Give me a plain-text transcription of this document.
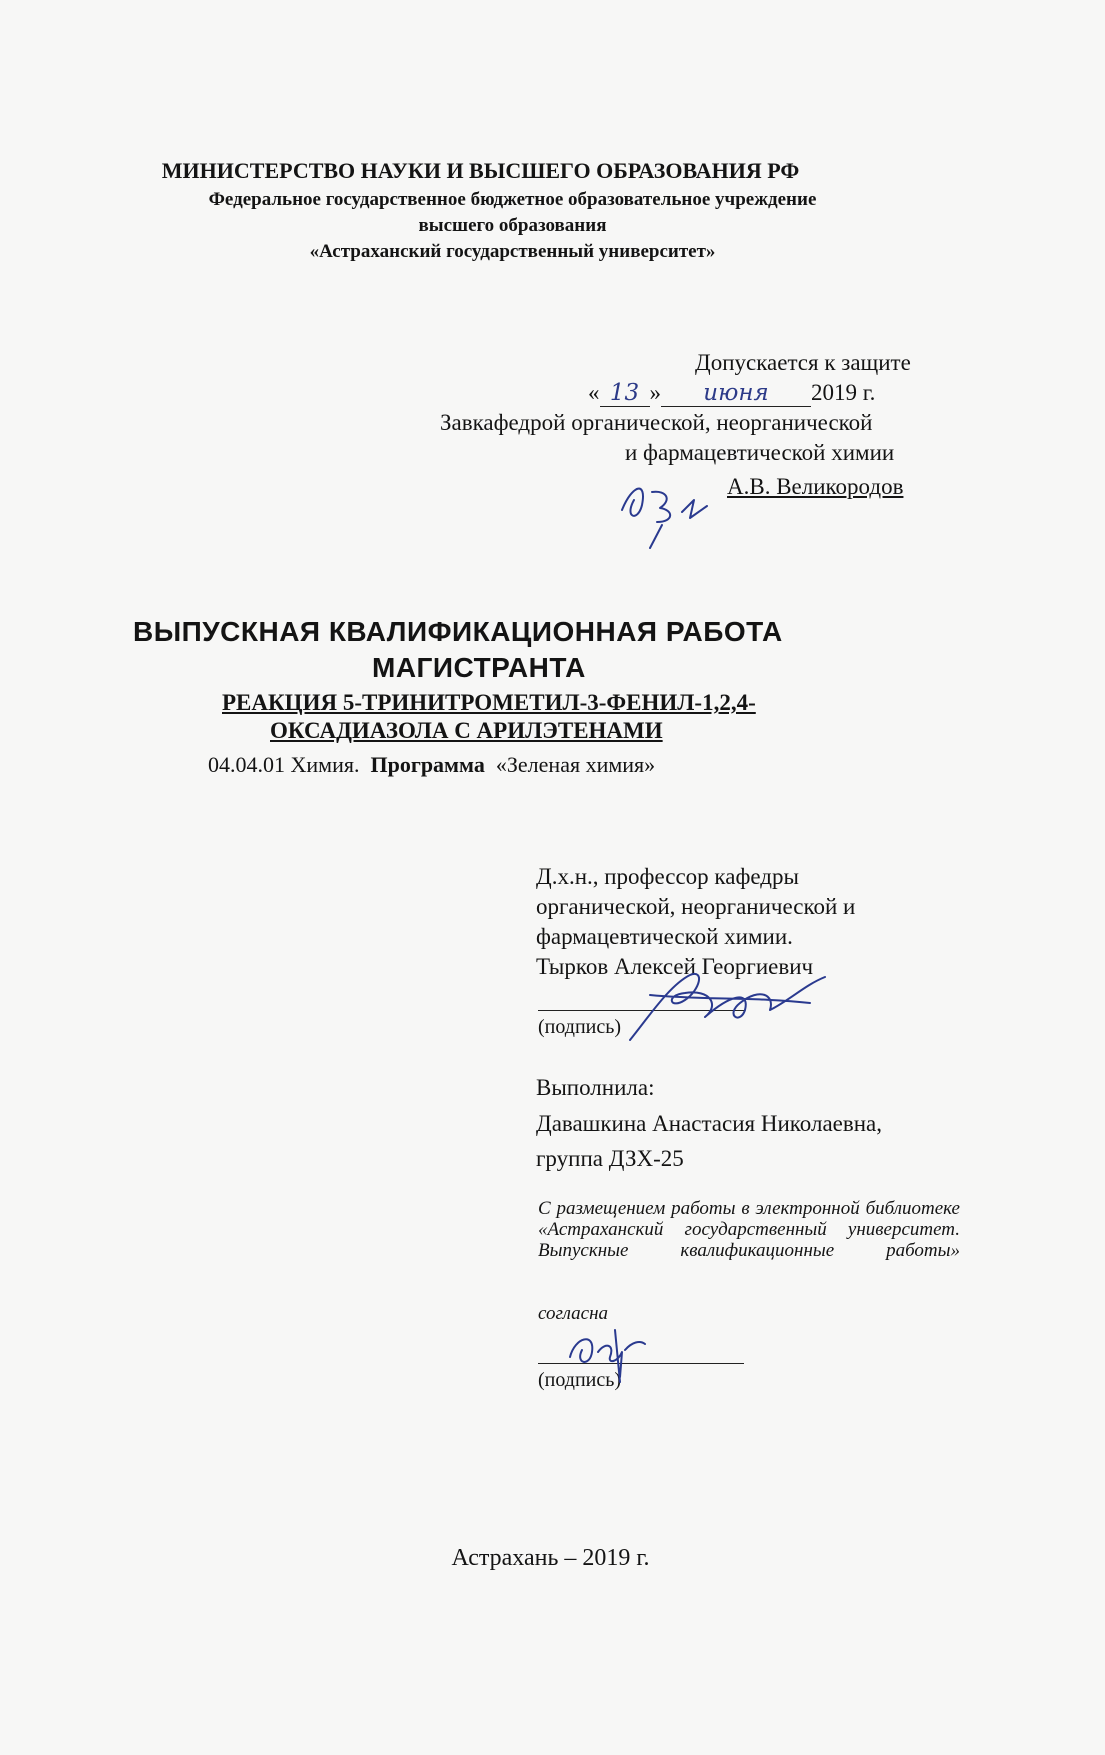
МИНИСТЕРСТВО НАУКИ И ВЫСШЕГО ОБРАЗОВАНИЯ РФ
Федеральное государственное бюджетное образовательное учреждение
высшего образования
«Астраханский государственный университет»
Допускается к защите
« 13 » июня 2019 г.
Завкафедрой органической, неорганической
и фармацевтической химии
А.В. Великородов
ВЫПУСКНАЯ КВАЛИФИКАЦИОННАЯ РАБОТА
МАГИСТРАНТА
РЕАКЦИЯ 5-ТРИНИТРОМЕТИЛ-3-ФЕНИЛ-1,2,4-
ОКСАДИАЗОЛА С АРИЛЭТЕНАМИ
04.04.01 Химия. Программа «Зеленая химия»
Д.х.н., профессор кафедры
органической, неорганической и
фармацевтической химии.
Тырков Алексей Георгиевич
(подпись)
Выполнила:
Давашкина Анастасия Николаевна,
группа ДЗХ-25
С размещением работы в электронной библиотеке «Астраханский государственный университет. Выпускные квалификационные работы»
согласна
(подпись)
Астрахань – 2019 г.
